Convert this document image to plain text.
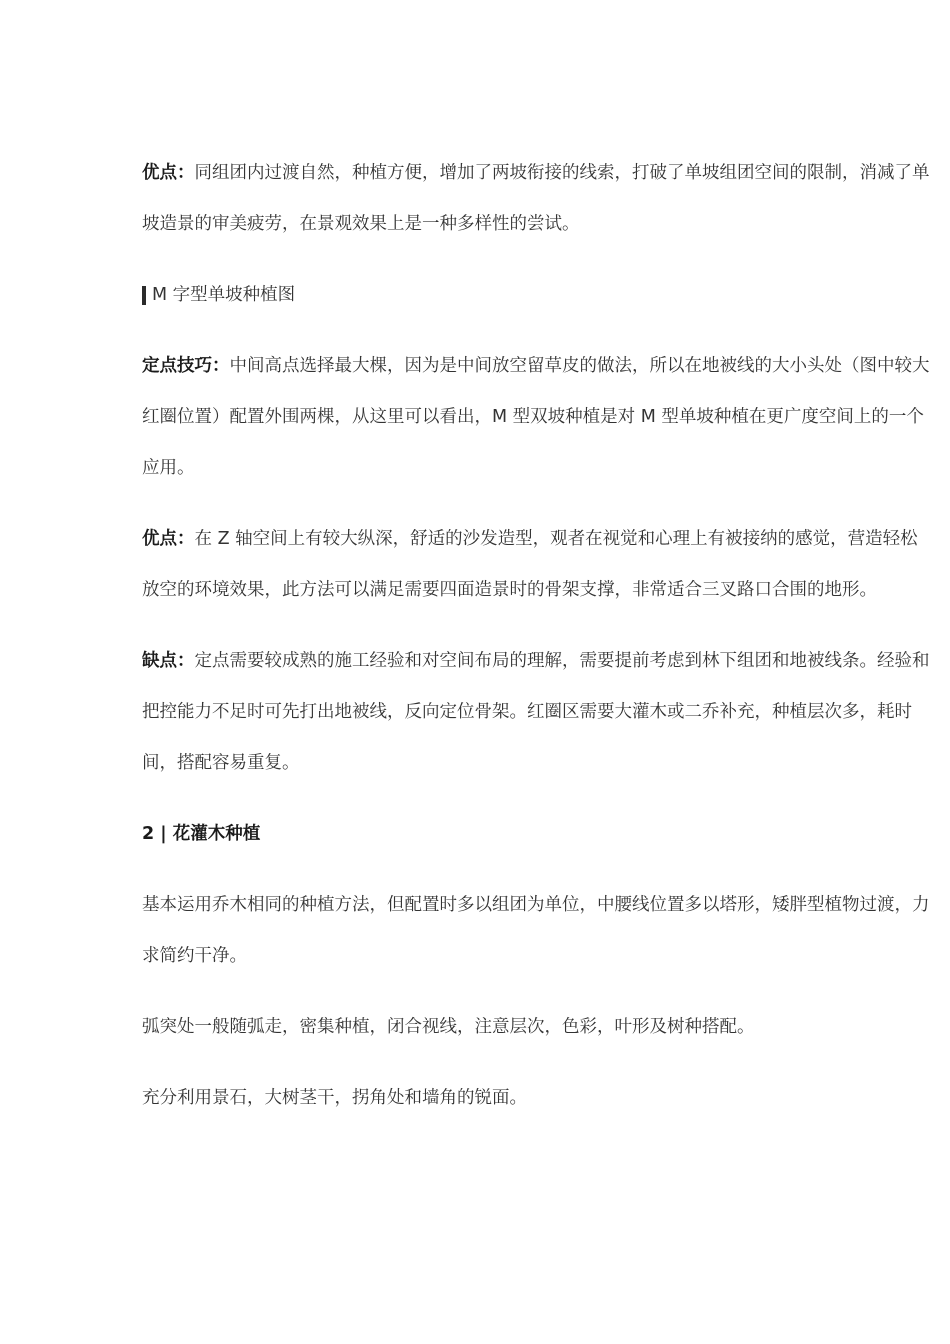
优点：同组团内过渡自然，种植方便，增加了两坡衔接的线索，打破了单坡组团空间的限制，消减了单坡造景的审美疲劳，在景观效果上是一种多样性的尝试。

M 字型单坡种植图

定点技巧：中间高点选择最大棵，因为是中间放空留草皮的做法，所以在地被线的大小头处（图中较大红圈位置）配置外围两棵，从这里可以看出，M 型双坡种植是对 M 型单坡种植在更广度空间上的一个应用。

优点：在 Z 轴空间上有较大纵深，舒适的沙发造型，观者在视觉和心理上有被接纳的感觉，营造轻松放空的环境效果，此方法可以满足需要四面造景时的骨架支撑，非常适合三叉路口合围的地形。

缺点：定点需要较成熟的施工经验和对空间布局的理解，需要提前考虑到林下组团和地被线条。经验和把控能力不足时可先打出地被线，反向定位骨架。红圈区需要大灌木或二乔补充，种植层次多，耗时间，搭配容易重复。

2 | 花灌木种植

基本运用乔木相同的种植方法，但配置时多以组团为单位，中腰线位置多以塔形，矮胖型植物过渡，力求简约干净。

弧突处一般随弧走，密集种植，闭合视线，注意层次，色彩，叶形及树种搭配。

充分利用景石，大树茎干，拐角处和墙角的锐面。
